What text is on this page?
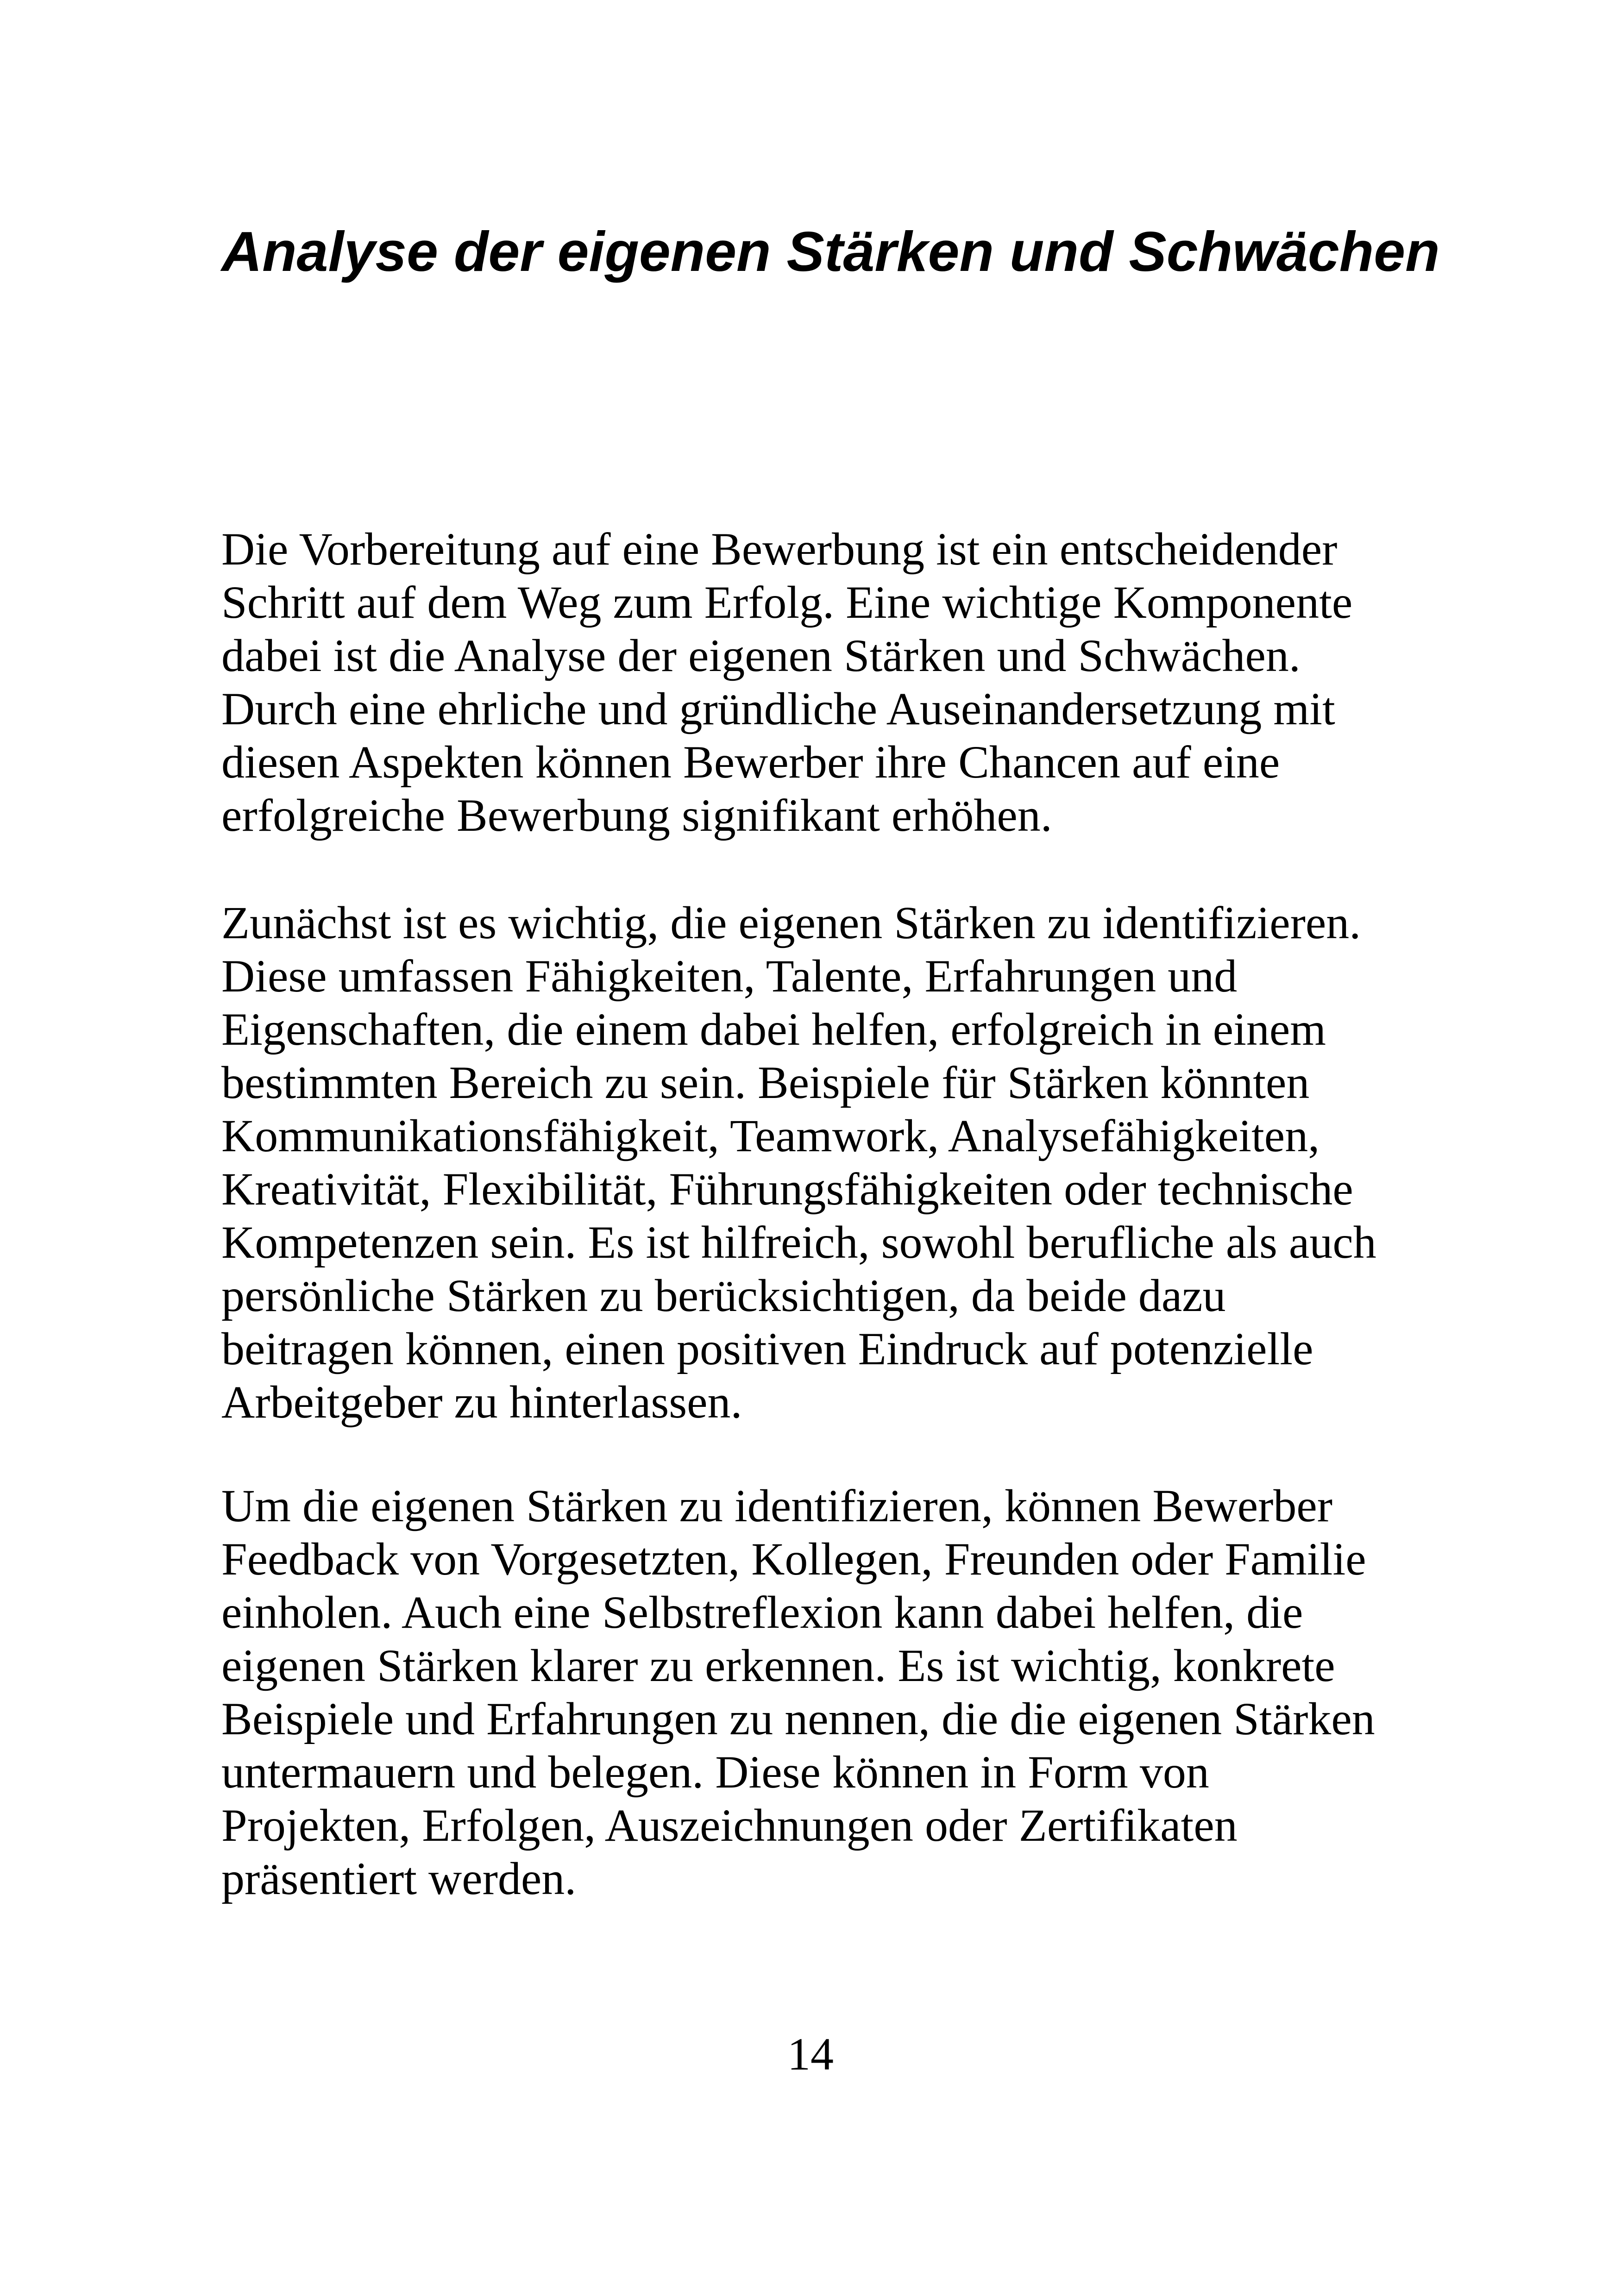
Analyse der eigenen Stärken und Schwächen

Die Vorbereitung auf eine Bewerbung ist ein entscheidender
Schritt auf dem Weg zum Erfolg. Eine wichtige Komponente
dabei ist die Analyse der eigenen Stärken und Schwächen.
Durch eine ehrliche und gründliche Auseinandersetzung mit
diesen Aspekten können Bewerber ihre Chancen auf eine
erfolgreiche Bewerbung signifikant erhöhen.

Zunächst ist es wichtig, die eigenen Stärken zu identifizieren.
Diese umfassen Fähigkeiten, Talente, Erfahrungen und
Eigenschaften, die einem dabei helfen, erfolgreich in einem
bestimmten Bereich zu sein. Beispiele für Stärken könnten
Kommunikationsfähigkeit, Teamwork, Analysefähigkeiten,
Kreativität, Flexibilität, Führungsfähigkeiten oder technische
Kompetenzen sein. Es ist hilfreich, sowohl berufliche als auch
persönliche Stärken zu berücksichtigen, da beide dazu
beitragen können, einen positiven Eindruck auf potenzielle
Arbeitgeber zu hinterlassen.

Um die eigenen Stärken zu identifizieren, können Bewerber
Feedback von Vorgesetzten, Kollegen, Freunden oder Familie
einholen. Auch eine Selbstreflexion kann dabei helfen, die
eigenen Stärken klarer zu erkennen. Es ist wichtig, konkrete
Beispiele und Erfahrungen zu nennen, die die eigenen Stärken
untermauern und belegen. Diese können in Form von
Projekten, Erfolgen, Auszeichnungen oder Zertifikaten
präsentiert werden.

14
